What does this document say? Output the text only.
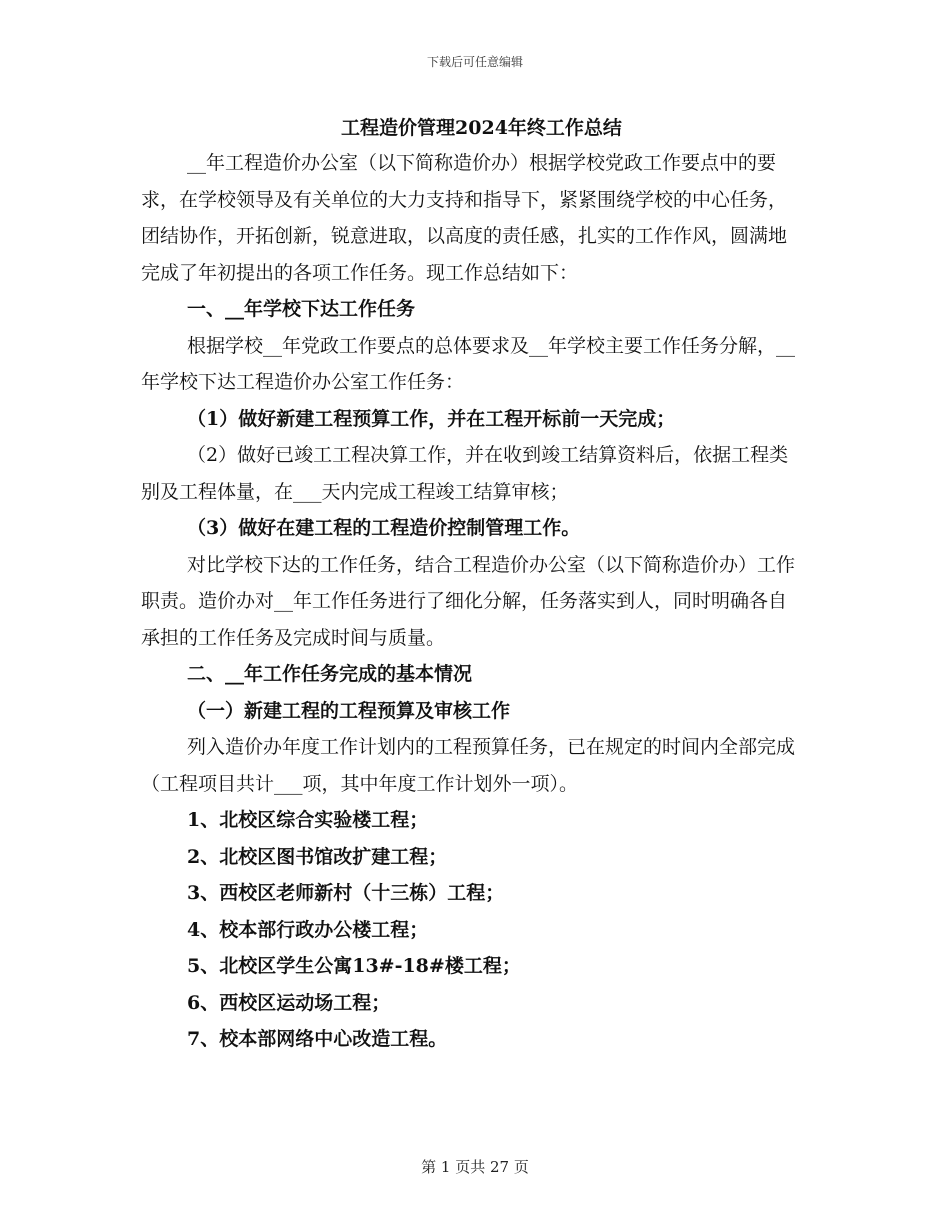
下载后可任意编辑
工程造价管理2024年终工作总结

__年工程造价办公室（以下简称造价办）根据学校党政工作要点中的要求，在学校领导及有关单位的大力支持和指导下，紧紧围绕学校的中心任务，团结协作，开拓创新，锐意进取，以高度的责任感，扎实的工作作风，圆满地完成了年初提出的各项工作任务。现工作总结如下：

一、__年学校下达工作任务

根据学校__年党政工作要点的总体要求及__年学校主要工作任务分解，__年学校下达工程造价办公室工作任务：

（1）做好新建工程预算工作，并在工程开标前一天完成；

（2）做好已竣工工程决算工作，并在收到竣工结算资料后，依据工程类别及工程体量，在___天内完成工程竣工结算审核；

（3）做好在建工程的工程造价控制管理工作。

对比学校下达的工作任务，结合工程造价办公室（以下简称造价办）工作职责。造价办对__年工作任务进行了细化分解，任务落实到人，同时明确各自承担的工作任务及完成时间与质量。

二、__年工作任务完成的基本情况

（一）新建工程的工程预算及审核工作

列入造价办年度工作计划内的工程预算任务，已在规定的时间内全部完成（工程项目共计___项，其中年度工作计划外一项）。

1、北校区综合实验楼工程；

2、北校区图书馆改扩建工程；

3、西校区老师新村（十三栋）工程；

4、校本部行政办公楼工程；

5、北校区学生公寓13#-18#楼工程；

6、西校区运动场工程；

7、校本部网络中心改造工程。

第 1 页共 27 页
